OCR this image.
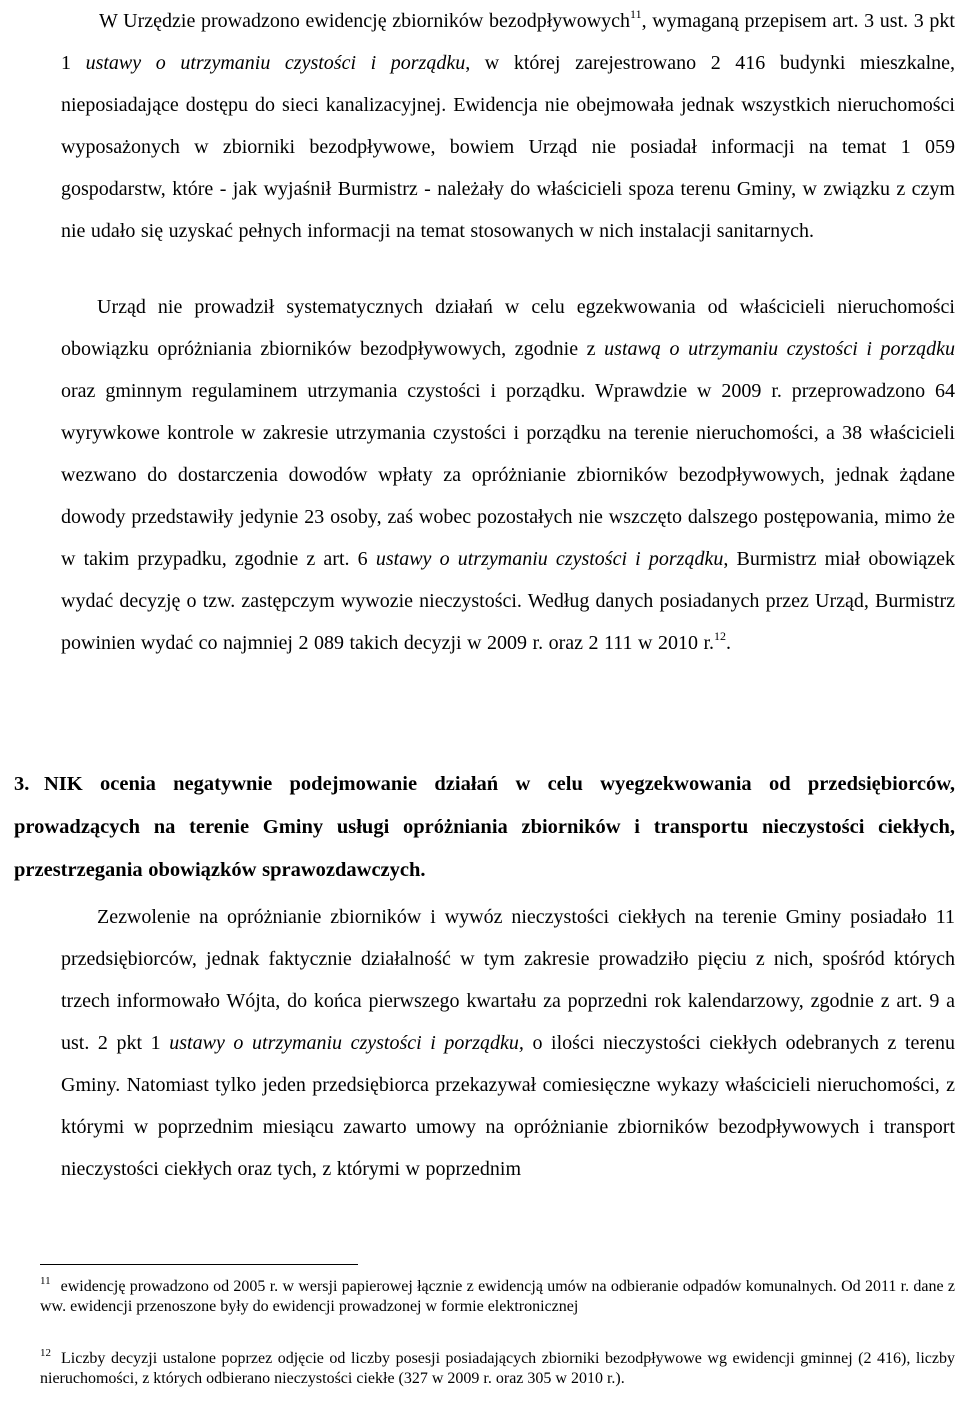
W Urzędzie prowadzono ewidencję zbiorników bezodpływowych$^{11}$, wymaganą przepisem art. 3 ust. 3 pkt 1 ustawy o utrzymaniu czystości i porządku, w której zarejestrowano 2 416 budynki mieszkalne, nieposiadające dostępu do sieci kanalizacyjnej. Ewidencja nie obejmowała jednak wszystkich nieruchomości wyposażonych w zbiorniki bezodpływowe, bowiem Urząd nie posiadał informacji na temat 1 059 gospodarstw, które - jak wyjaśnił Burmistrz - należały do właścicieli spoza terenu Gminy, w związku z czym nie udało się uzyskać pełnych informacji na temat stosowanych w nich instalacji sanitarnych.

Urząd nie prowadził systematycznych działań w celu egzekwowania od właścicieli nieruchomości obowiązku opróżniania zbiorników bezodpływowych, zgodnie z ustawą o utrzymaniu czystości i porządku oraz gminnym regulaminem utrzymania czystości i porządku. Wprawdzie w 2009 r. przeprowadzono 64 wyrywkowe kontrole w zakresie utrzymania czystości i porządku na terenie nieruchomości, a 38 właścicieli wezwano do dostarczenia dowodów wpłaty za opróżnianie zbiorników bezodpływowych, jednak żądane dowody przedstawiły jedynie 23 osoby, zaś wobec pozostałych nie wszczęto dalszego postępowania, mimo że w takim przypadku, zgodnie z art. 6 ustawy o utrzymaniu czystości i porządku, Burmistrz miał obowiązek wydać decyzję o tzw. zastępczym wywozie nieczystości. Według danych posiadanych przez Urząd, Burmistrz powinien wydać co najmniej 2 089 takich decyzji w 2009 r. oraz 2 111 w 2010 r.$^{12}$.

3. NIK ocenia negatywnie podejmowanie działań w celu wyegzekwowania od przedsiębiorców, prowadzących na terenie Gminy usługi opróżniania zbiorników i transportu nieczystości ciekłych, przestrzegania obowiązków sprawozdawczych.

Zezwolenie na opróżnianie zbiorników i wywóz nieczystości ciekłych na terenie Gminy posiadało 11 przedsiębiorców, jednak faktycznie działalność w tym zakresie prowadziło pięciu z nich, spośród których trzech informowało Wójta, do końca pierwszego kwartału za poprzedni rok kalendarzowy, zgodnie z art. 9 a ust. 2 pkt 1 ustawy o utrzymaniu czystości i porządku, o ilości nieczystości ciekłych odebranych z terenu Gminy. Natomiast tylko jeden przedsiębiorca przekazywał comiesięczne wykazy właścicieli nieruchomości, z którymi w poprzednim miesiącu zawarto umowy na opróżnianie zbiorników bezodpływowych i transport nieczystości ciekłych oraz tych, z którymi w poprzednim

$^{11}$ ewidencję prowadzono od 2005 r. w wersji papierowej łącznie z ewidencją umów na odbieranie odpadów komunalnych. Od 2011 r. dane z ww. ewidencji przenoszone były do ewidencji prowadzonej w formie elektronicznej

$^{12}$ Liczby decyzji ustalone poprzez odjęcie od liczby posesji posiadających zbiorniki bezodpływowe wg ewidencji gminnej (2 416), liczby nieruchomości, z których odbierano nieczystości ciekłe (327 w 2009 r. oraz 305 w 2010 r.).
